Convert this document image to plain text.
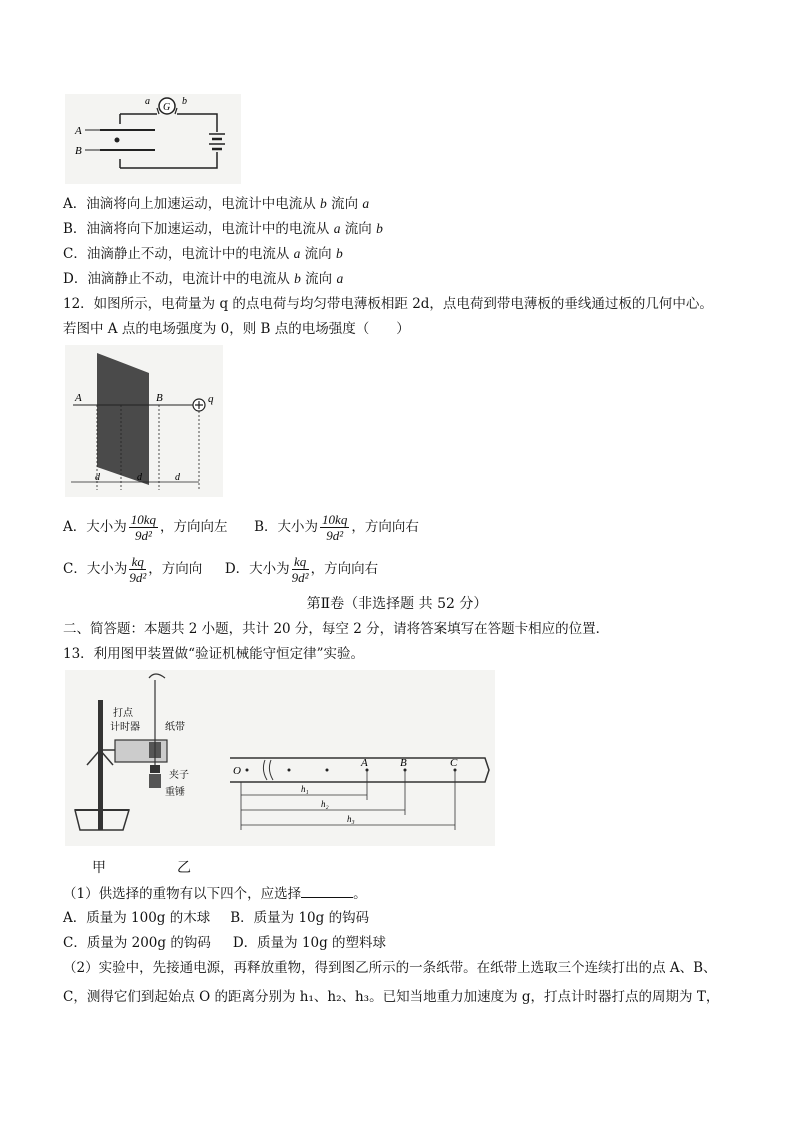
a	b
G
A
B
A．油滴将向上加速运动，电流计中电流从 b 流向 a
B．油滴将向下加速运动，电流计中的电流从 a 流向 b
C．油滴静止不动，电流计中的电流从 a 流向 b
D．油滴静止不动，电流计中的电流从 b 流向 a
12．如图所示，电荷量为 q 的点电荷与均匀带电薄板相距 2d，点电荷到带电薄板的垂线通过板的几何中心。
若图中 A 点的电场强度为 0，则 B 点的电场强度（　　）
A	B	q
d	d	d
A．大小为 $\frac{10kq}{\text{9d²}}$ ，方向向左 B．大小为 $\frac{10kq}{\text{9d²}}$ ，方向向右
C．大小为 $\frac{kq}{\text{9d²}}$ ，方向向 D．大小为 $\frac{kq}{\text{9d²}}$ ，方向向右
第Ⅱ卷（非选择题 共 52 分）
二、简答题：本题共 2 小题，共计 20 分，每空 2 分，请将答案填写在答题卡相应的位置．
13．利用图甲装置做“验证机械能守恒定律”实验。
打点
计时器	纸带
夹子
重锤
O
A	B	C
h₁
h₂
h₃
甲	乙
（1）供选择的重物有以下四个，应选择	。
A．质量为 100g 的木球 B．质量为 10g 的钩码
C．质量为 200g 的钩码 D．质量为 10g 的塑料球
（2）实验中，先接通电源，再释放重物，得到图乙所示的一条纸带。在纸带上选取三个连续打出的点 A、B、
C，测得它们到起始点 O 的距离分别为 h₁、h₂、h₃。已知当地重力加速度为 g，打点计时器打点的周期为 T，
